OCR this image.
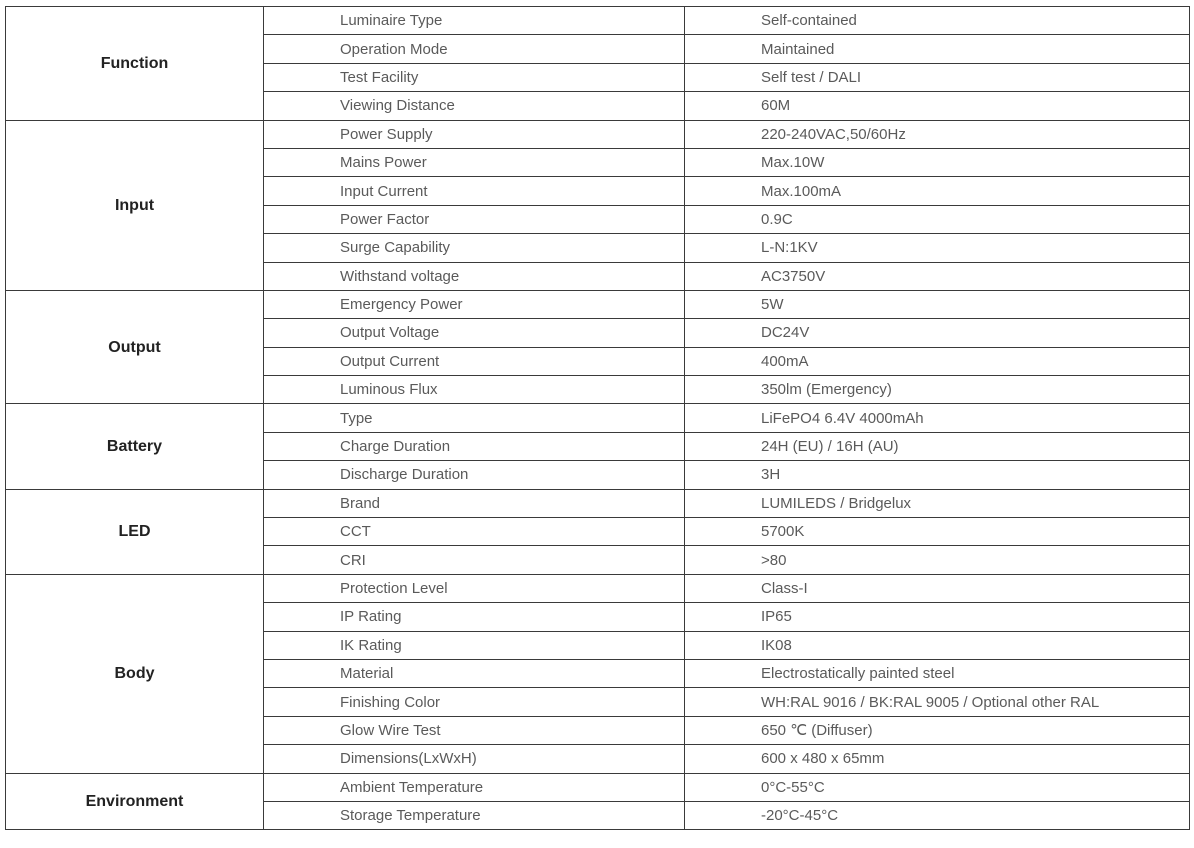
Function	Luminaire Type	Self-contained
	Operation Mode	Maintained
	Test Facility	Self test / DALI
	Viewing Distance	60M
Input	Power Supply	220-240VAC,50/60Hz
	Mains Power	Max.10W
	Input Current	Max.100mA
	Power Factor	0.9C
	Surge Capability	L-N:1KV
	Withstand voltage	AC3750V
Output	Emergency Power	5W
	Output Voltage	DC24V
	Output Current	400mA
	Luminous Flux	350lm (Emergency)
Battery	Type	LiFePO4 6.4V 4000mAh
	Charge Duration	24H (EU) / 16H (AU)
	Discharge Duration	3H
LED	Brand	LUMILEDS / Bridgelux
	CCT	5700K
	CRI	>80
Body	Protection Level	Class-I
	IP Rating	IP65
	IK Rating	IK08
	Material	Electrostatically painted steel
	Finishing Color	WH:RAL 9016 / BK:RAL 9005 / Optional other RAL
	Glow Wire Test	650 ℃ (Diffuser)
	Dimensions(LxWxH)	600 x 480 x 65mm
Environment	Ambient Temperature	0°C-55°C
	Storage Temperature	-20°C-45°C
